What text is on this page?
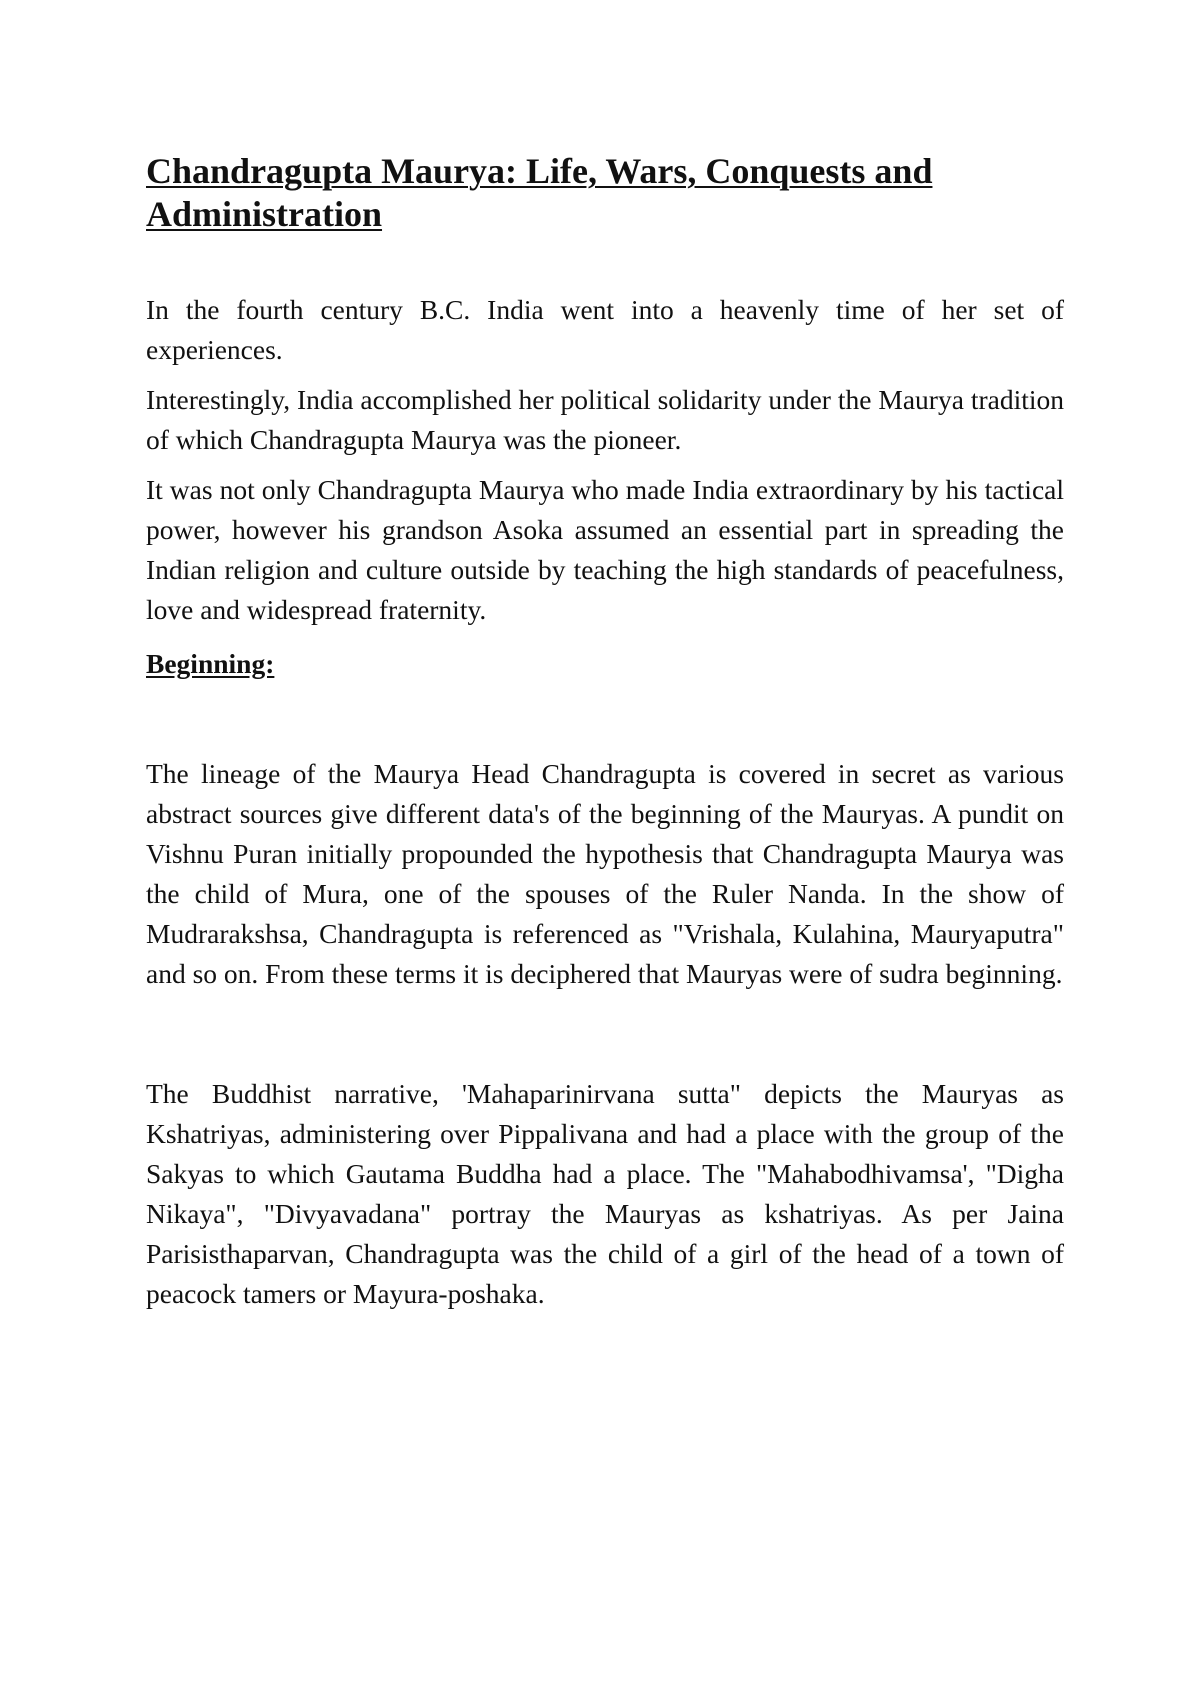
Chandragupta Maurya: Life, Wars, Conquests and Administration

In the fourth century B.C. India went into a heavenly time of her set of experiences.

Interestingly, India accomplished her political solidarity under the Maurya tradition of which Chandragupta Maurya was the pioneer.

It was not only Chandragupta Maurya who made India extraordinary by his tactical power, however his grandson Asoka assumed an essential part in spreading the Indian religion and culture outside by teaching the high standards of peacefulness, love and widespread fraternity.

Beginning:

The lineage of the Maurya Head Chandragupta is covered in secret as various abstract sources give different data's of the beginning of the Mauryas. A pundit on Vishnu Puran initially propounded the hypothesis that Chandragupta Maurya was the child of Mura, one of the spouses of the Ruler Nanda. In the show of Mudrarakshsa, Chandragupta is referenced as "Vrishala, Kulahina, Mauryaputra" and so on. From these terms it is deciphered that Mauryas were of sudra beginning.

The Buddhist narrative, 'Mahaparinirvana sutta" depicts the Mauryas as Kshatriyas, administering over Pippalivana and had a place with the group of the Sakyas to which Gautama Buddha had a place. The "Mahabodhivamsa', "Digha Nikaya", "Divyavadana" portray the Mauryas as kshatriyas. As per Jaina Parisisthaparvan, Chandragupta was the child of a girl of the head of a town of peacock tamers or Mayura-poshaka.
